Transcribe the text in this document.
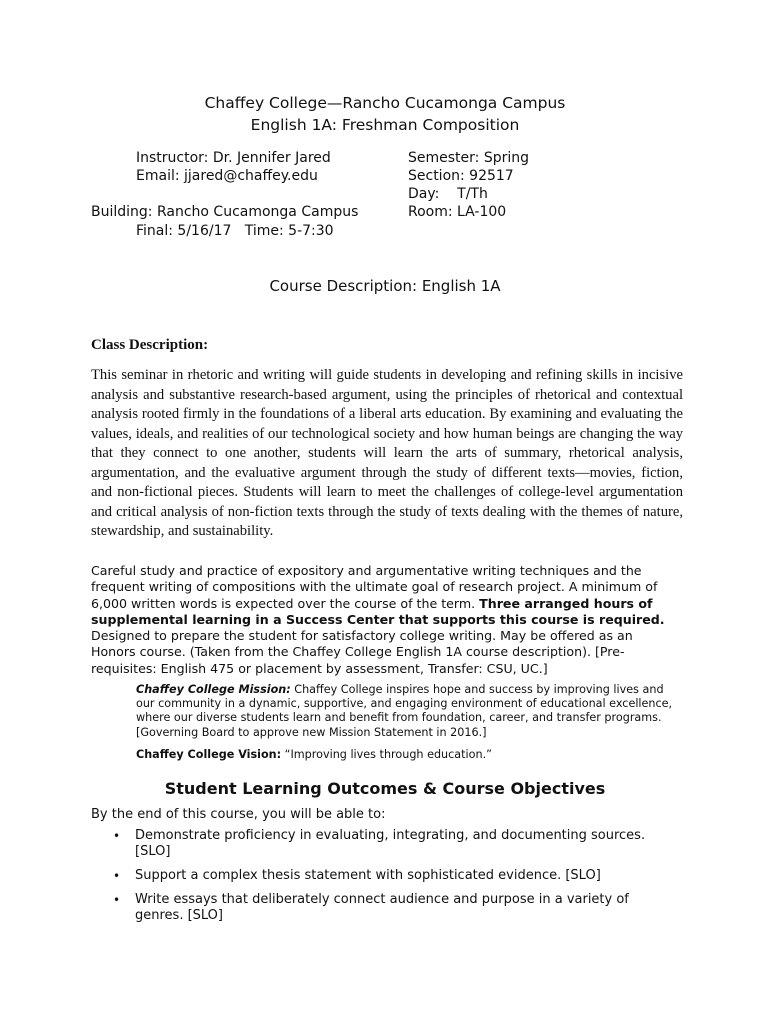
Chaffey College—Rancho Cucamonga Campus
English 1A: Freshman Composition
Instructor: Dr. Jennifer Jared
Email: jjared@chaffey.edu
Building: Rancho Cucamonga Campus
Final: 5/16/17   Time: 5-7:30
Semester: Spring
Section: 92517
Day:    T/Th
Room: LA-100
Course Description: English 1A
Class Description:
This seminar in rhetoric and writing will guide students in developing and refining skills in incisive analysis and substantive research-based argument, using the principles of rhetorical and contextual analysis rooted firmly in the foundations of a liberal arts education. By examining and evaluating the values, ideals, and realities of our technological society and how human beings are changing the way that they connect to one another, students will learn the arts of summary, rhetorical analysis, argumentation, and the evaluative argument through the study of different texts—movies, fiction, and non-fictional pieces. Students will learn to meet the challenges of college-level argumentation and critical analysis of non-fiction texts through the study of texts dealing with the themes of nature, stewardship, and sustainability.
Careful study and practice of expository and argumentative writing techniques and the frequent writing of compositions with the ultimate goal of research project. A minimum of 6,000 written words is expected over the course of the term. Three arranged hours of supplemental learning in a Success Center that supports this course is required. Designed to prepare the student for satisfactory college writing. May be offered as an Honors course. (Taken from the Chaffey College English 1A course description). [Pre-requisites: English 475 or placement by assessment, Transfer: CSU, UC.]
Chaffey College Mission: Chaffey College inspires hope and success by improving lives and our community in a dynamic, supportive, and engaging environment of educational excellence, where our diverse students learn and benefit from foundation, career, and transfer programs. [Governing Board to approve new Mission Statement in 2016.]
Chaffey College Vision: “Improving lives through education.”
Student Learning Outcomes & Course Objectives
By the end of this course, you will be able to:
• Demonstrate proficiency in evaluating, integrating, and documenting sources. [SLO]
• Support a complex thesis statement with sophisticated evidence. [SLO]
• Write essays that deliberately connect audience and purpose in a variety of genres. [SLO]
